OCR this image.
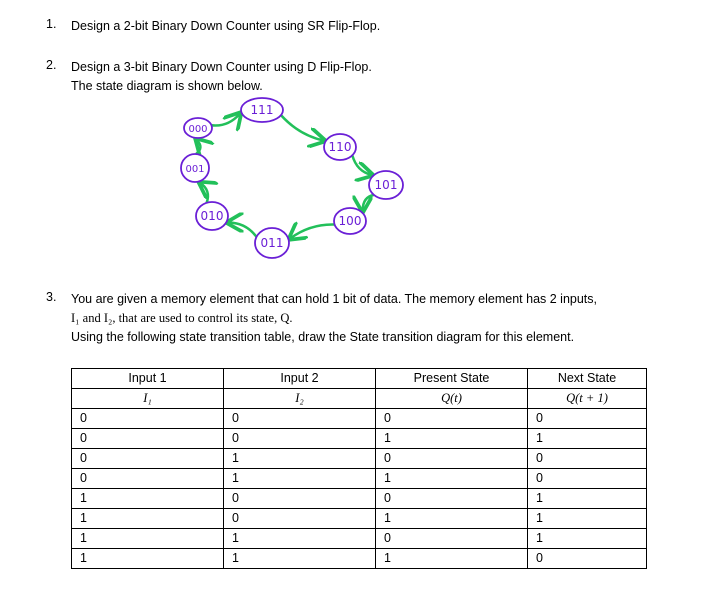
1. Design a 2-bit Binary Down Counter using SR Flip-Flop.
2. Design a 3-bit Binary Down Counter using D Flip-Flop.
The state diagram is shown below.
111
110
101
100
011
010
001
000
3. You are given a memory element that can hold 1 bit of data. The memory element has 2 inputs,
I₁ and I₂, that are used to control its state, Q.
Using the following state transition table, draw the State transition diagram for this element.
Input 1	Input 2	Present State	Next State
I₁	I₂	Q(t)	Q(t + 1)
0	0	0	0
0	0	1	1
0	1	0	0
0	1	1	0
1	0	0	1
1	0	1	1
1	1	0	1
1	1	1	0
